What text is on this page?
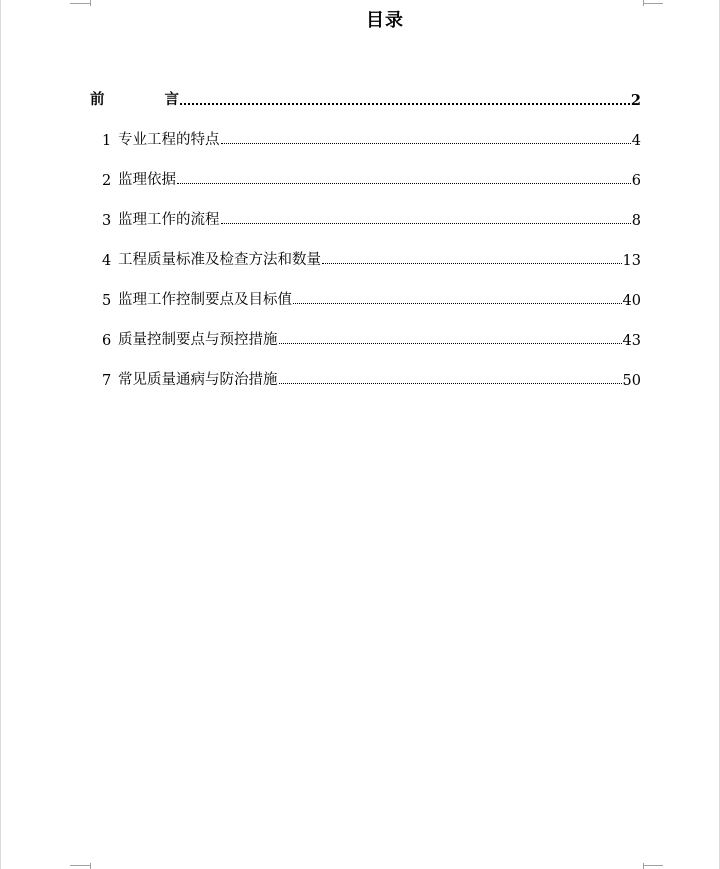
目录
前	言	2
1 专业工程的特点	4
2 监理依据	6
3 监理工作的流程	8
4 工程质量标准及检查方法和数量	13
5 监理工作控制要点及目标值	40
6 质量控制要点与预控措施	43
7 常见质量通病与防治措施	50
